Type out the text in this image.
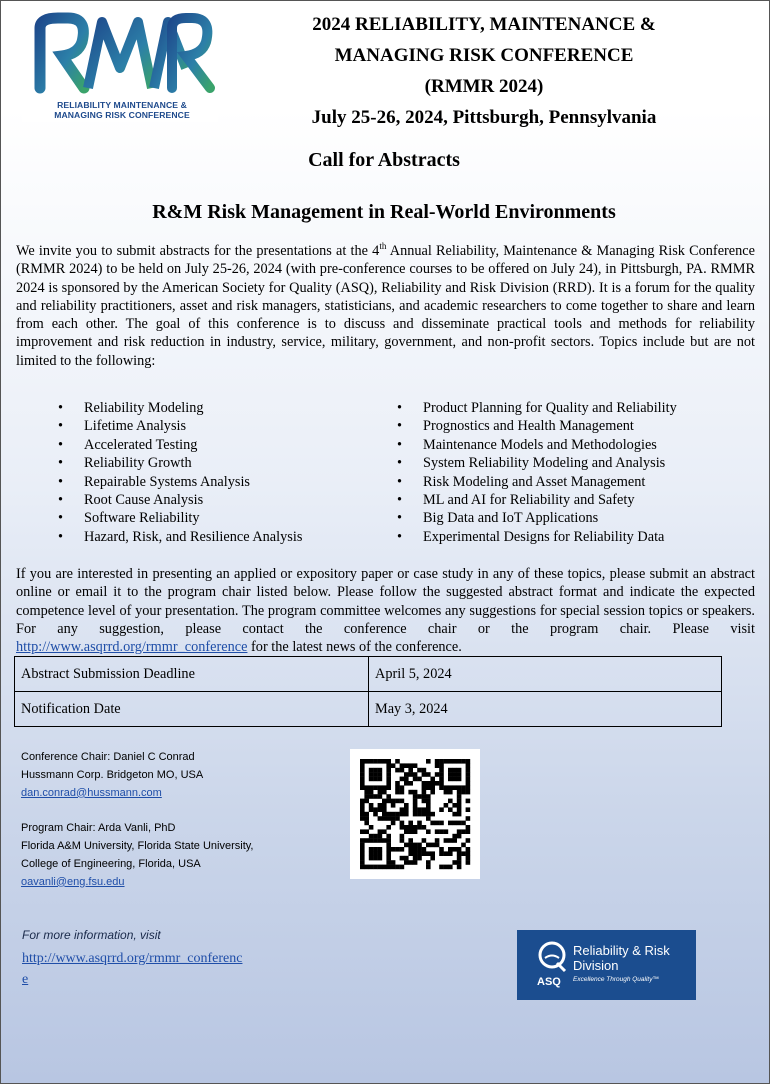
RELIABILITY MAINTENANCE &
MANAGING RISK CONFERENCE
2024 RELIABILITY, MAINTENANCE &
MANAGING RISK CONFERENCE
(RMMR 2024)
July 25-26, 2024, Pittsburgh, Pennsylvania
Call for Abstracts
R&M Risk Management in Real-World Environments
We invite you to submit abstracts for the presentations at the 4th Annual Reliability, Maintenance & Managing Risk Conference (RMMR 2024) to be held on July 25-26, 2024 (with pre-conference courses to be offered on July 24), in Pittsburgh, PA. RMMR 2024 is sponsored by the American Society for Quality (ASQ), Reliability and Risk Division (RRD). It is a forum for the quality and reliability practitioners, asset and risk managers, statisticians, and academic researchers to come together to share and learn from each other. The goal of this conference is to discuss and disseminate practical tools and methods for reliability improvement and risk reduction in industry, service, military, government, and non-profit sectors. Topics include but are not limited to the following:
• Reliability Modeling
• Lifetime Analysis
• Accelerated Testing
• Reliability Growth
• Repairable Systems Analysis
• Root Cause Analysis
• Software Reliability
• Hazard, Risk, and Resilience Analysis
• Product Planning for Quality and Reliability
• Prognostics and Health Management
• Maintenance Models and Methodologies
• System Reliability Modeling and Analysis
• Risk Modeling and Asset Management
• ML and AI for Reliability and Safety
• Big Data and IoT Applications
• Experimental Designs for Reliability Data
If you are interested in presenting an applied or expository paper or case study in any of these topics, please submit an abstract online or email it to the program chair listed below. Please follow the suggested abstract format and indicate the expected competence level of your presentation. The program committee welcomes any suggestions for special session topics or speakers. For any suggestion, please contact the conference chair or the program chair. Please visit http://www.asqrrd.org/rmmr_conference for the latest news of the conference.
Abstract Submission Deadline	April 5, 2024
Notification Date	May 3, 2024
Conference Chair: Daniel C Conrad
Hussmann Corp. Bridgeton MO, USA
dan.conrad@hussmann.com
Program Chair: Arda Vanli, PhD
Florida A&M University, Florida State University,
College of Engineering, Florida, USA
oavanli@eng.fsu.edu
For more information, visit
http://www.asqrrd.org/rmmr_conference
Reliability & Risk
Division
ASQ Excellence Through Quality™
